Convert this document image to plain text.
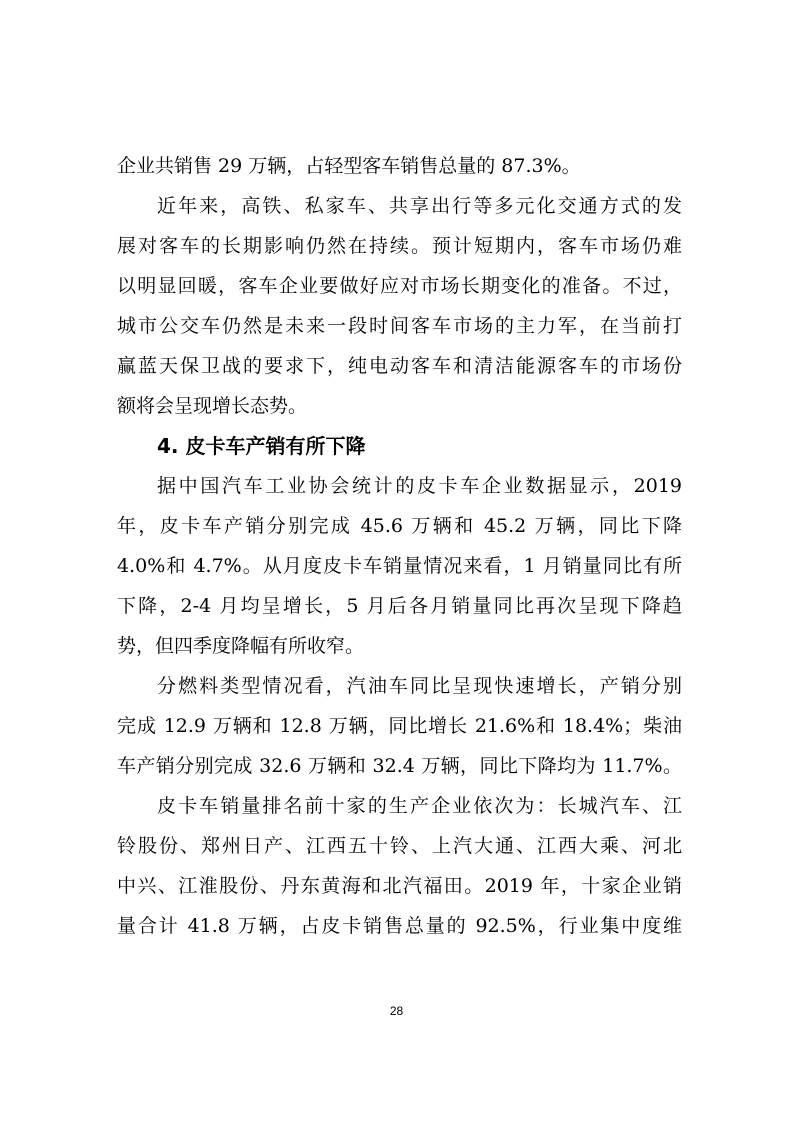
企业共销售 29 万辆，占轻型客车销售总量的 87.3%。
近年来，高铁、私家车、共享出行等多元化交通方式的发
展对客车的长期影响仍然在持续。预计短期内，客车市场仍难
以明显回暖，客车企业要做好应对市场长期变化的准备。不过，
城市公交车仍然是未来一段时间客车市场的主力军，在当前打
赢蓝天保卫战的要求下，纯电动客车和清洁能源客车的市场份
额将会呈现增长态势。
4. 皮卡车产销有所下降
据中国汽车工业协会统计的皮卡车企业数据显示，2019
年，皮卡车产销分别完成 45.6 万辆和 45.2 万辆，同比下降
4.0%和 4.7%。从月度皮卡车销量情况来看，1 月销量同比有所
下降，2-4 月均呈增长，5 月后各月销量同比再次呈现下降趋
势，但四季度降幅有所收窄。
分燃料类型情况看，汽油车同比呈现快速增长，产销分别
完成 12.9 万辆和 12.8 万辆，同比增长 21.6%和 18.4%；柴油
车产销分别完成 32.6 万辆和 32.4 万辆，同比下降均为 11.7%。
皮卡车销量排名前十家的生产企业依次为：长城汽车、江
铃股份、郑州日产、江西五十铃、上汽大通、江西大乘、河北
中兴、江淮股份、丹东黄海和北汽福田。2019 年，十家企业销
量合计 41.8 万辆，占皮卡销售总量的 92.5%，行业集中度维
28
